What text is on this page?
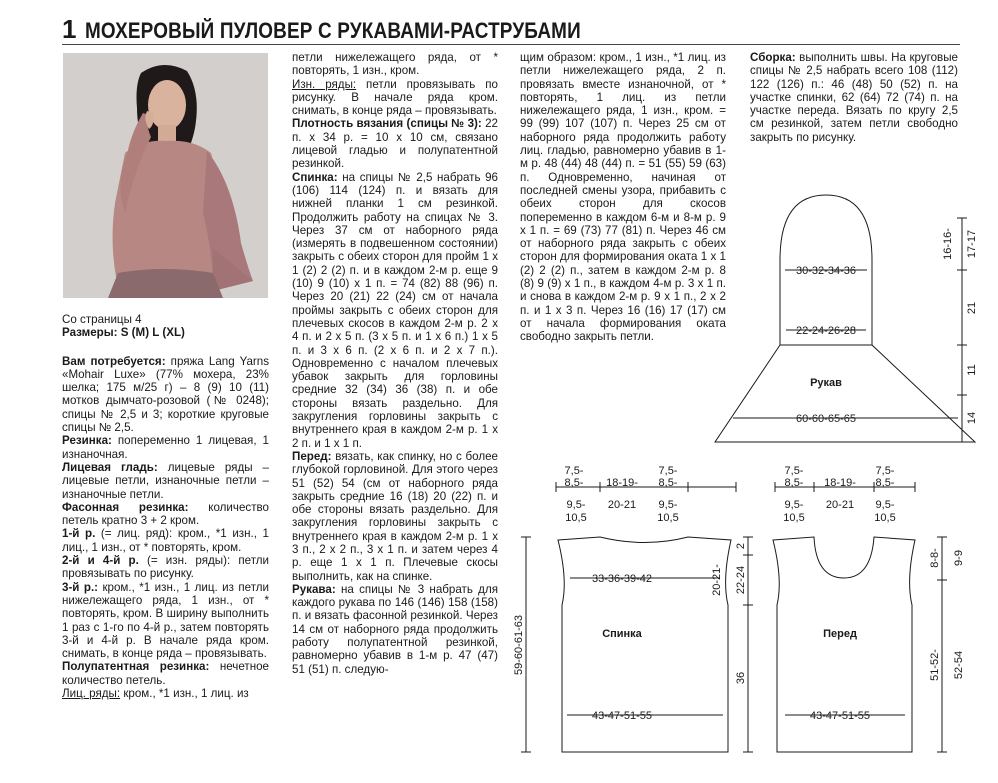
1 МОХЕРОВЫЙ ПУЛОВЕР С РУКАВАМИ-РАСТРУБАМИ

Со страницы 4

Размеры: S (M) L (XL)

Вам потребуется: пряжа Lang Yarns «Mohair Luxe» (77% мохера, 23% шелка; 175 м/25 г) – 8 (9) 10 (11) мотков дымчато-розовой (№ 0248); спицы № 2,5 и 3; короткие круговые спицы № 2,5.

Резинка: попеременно 1 лицевая, 1 изнаночная.

Лицевая гладь: лицевые ряды – лицевые петли, изнаночные петли – изнаночные петли.

Фасонная резинка: количество петель кратно 3 + 2 кром.

1-й р. (= лиц. ряд): кром., *1 изн., 1 лиц., 1 изн., от * повторять, кром.

2-й и 4-й р. (= изн. ряды): петли провязывать по рисунку.

3-й р.: кром., *1 изн., 1 лиц. из петли нижележащего ряда, 1 изн., от * повторять, кром. В ширину выполнить 1 раз с 1-го по 4-й р., затем повторять 3-й и 4-й р. В начале ряда кром. снимать, в конце ряда – провязывать.

Полупатентная резинка: нечетное количество петель.

Лиц. ряды: кром., *1 изн., 1 лиц. из

петли нижележащего ряда, от * повторять, 1 изн., кром.

Изн. ряды: петли провязывать по рисунку. В начале ряда кром. снимать, в конце ряда – провязывать.

Плотность вязания (спицы № 3): 22 п. х 34 р. = 10 х 10 см, связано лицевой гладью и полупатентной резинкой.

Спинка: на спицы № 2,5 набрать 96 (106) 114 (124) п. и вязать для нижней планки 1 см резинкой. Продолжить работу на спицах № 3. Через 37 см от наборного ряда (измерять в подвешенном состоянии) закрыть с обеих сторон для пройм 1 х 1 (2) 2 (2) п. и в каждом 2-м р. еще 9 (10) 9 (10) х 1 п. = 74 (82) 88 (96) п. Через 20 (21) 22 (24) см от начала проймы закрыть с обеих сторон для плечевых скосов в каждом 2-м р. 2 х 4 п. и 2 х 5 п. (3 х 5 п. и 1 х 6 п.) 1 х 5 п. и 3 х 6 п. (2 х 6 п. и 2 х 7 п.). Одновременно с началом плечевых убавок закрыть для горловины средние 32 (34) 36 (38) п. и обе стороны вязать раздельно. Для закругления горловины закрыть с внутреннего края в каждом 2-м р. 1 х 2 п. и 1 х 1 п.

Перед: вязать, как спинку, но с более глубокой горловиной. Для этого через 51 (52) 54 (см от наборного ряда закрыть средние 16 (18) 20 (22) п. и обе стороны вязать раздельно. Для закругления горловины закрыть с внутреннего края в каждом 2-м р. 1 х 3 п., 2 х 2 п., 3 х 1 п. и затем через 4 р. еще 1 х 1 п. Плечевые скосы выполнить, как на спинке.

Рукава: на спицы № 3 набрать для каждого рукава по 146 (146) 158 (158) п. и вязать фасонной резинкой. Через 14 см от наборного ряда продолжить работу полупатентной резинкой, равномерно убавив в 1-м р. 47 (47) 51 (51) п. следую-

щим образом: кром., 1 изн., *1 лиц. из петли нижележащего ряда, 2 п. провязать вместе изнаночной, от * повторять, 1 лиц. из петли нижележащего ряда, 1 изн., кром. = 99 (99) 107 (107) п. Через 25 см от наборного ряда продолжить работу лиц. гладью, равномерно убавив в 1-м р. 48 (44) 48 (44) п. = 51 (55) 59 (63) п. Одновременно, начиная от последней смены узора, прибавить с обеих сторон для скосов попеременно в каждом 6-м и 8-м р. 9 х 1 п. = 69 (73) 77 (81) п. Через 46 см от наборного ряда закрыть с обеих сторон для формирования оката 1 х 1 (2) 2 (2) п., затем в каждом 2-м р. 8 (8) 9 (9) х 1 п., в каждом 4-м р. 3 х 1 п. и снова в каждом 2-м р. 9 х 1 п., 2 х 2 п. и 1 х 3 п. Через 16 (16) 17 (17) см от начала формирования оката свободно закрыть петли.

Сборка: выполнить швы. На круговые спицы № 2,5 набрать всего 108 (112) 122 (126) п.: 46 (48) 50 (52) п. на участке спинки, 62 (64) 72 (74) п. на участке переда. Вязать по кругу 2,5 см резинкой, затем петли свободно закрыть по рисунку.

30-32-34-36
22-24-26-28
Рукав
60-60-65-65
16-16- 17-17
21
11
14
7,5-
8,5- 18-19-
20-21
7,5-
8,5-
9,5-
10,5
9,5-
10,5
33-36-39-42
Спинка
43-47-51-55
59-60-61-63
2
20-21- 22-24
36
7,5-
8,5- 18-19-
20-21
7,5-
8,5-
9,5-
10,5
9,5-
10,5
Перед
43-47-51-55
8-8- 9-9
51-52- 52-54
